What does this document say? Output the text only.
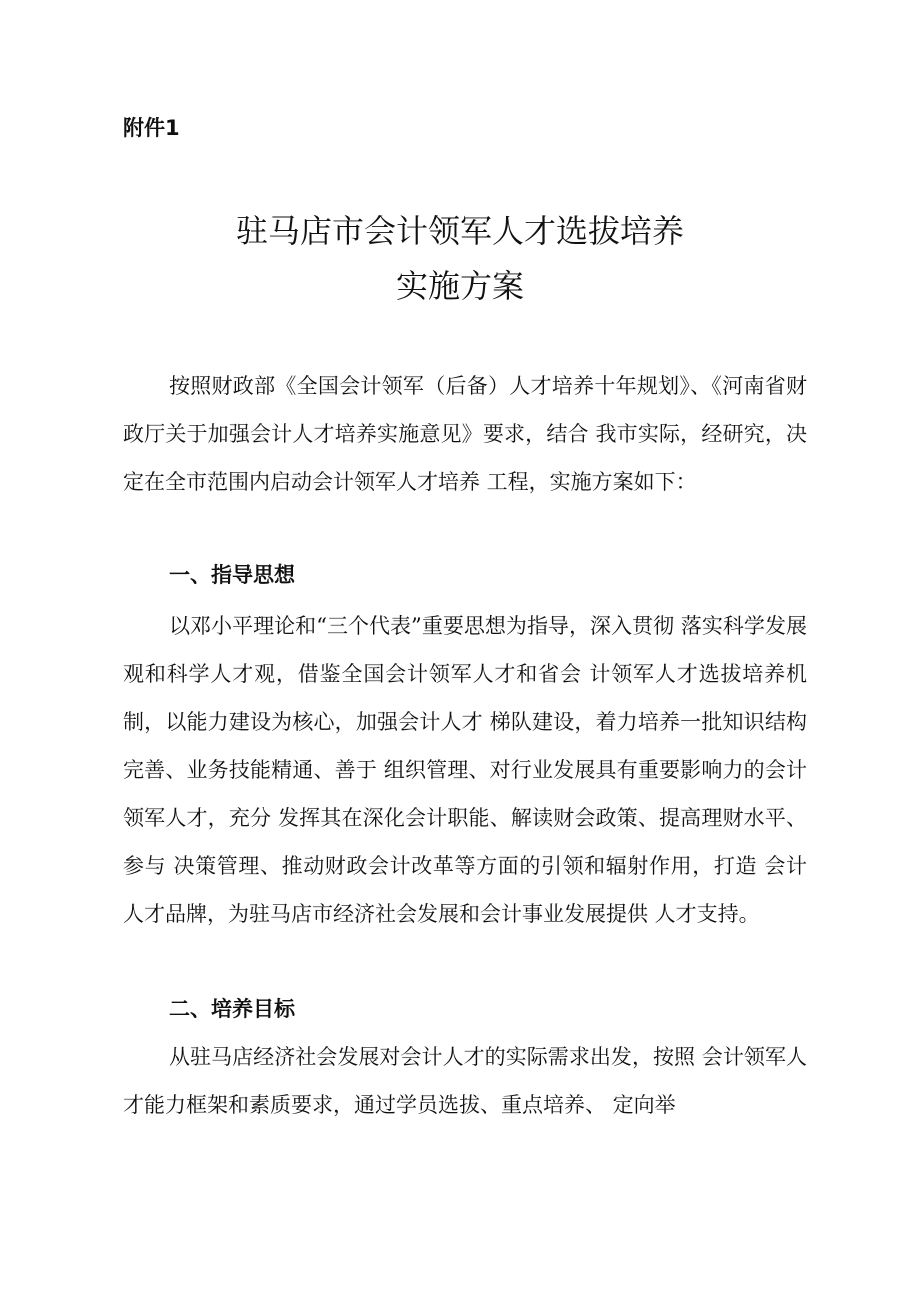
附件1
驻马店市会计领军人才选拔培养
实施方案
按照财政部《全国会计领军（后备）人才培养十年规划》、《河南省财政厅关于加强会计人才培养实施意见》要求，结合 我市实际，经研究，决定在全市范围内启动会计领军人才培养 工程，实施方案如下：
一、指导思想
以邓小平理论和“三个代表”重要思想为指导，深入贯彻 落实科学发展观和科学人才观，借鉴全国会计领军人才和省会 计领军人才选拔培养机制，以能力建设为核心，加强会计人才 梯队建设，着力培养一批知识结构完善、业务技能精通、善于 组织管理、对行业发展具有重要影响力的会计领军人才，充分 发挥其在深化会计职能、解读财会政策、提高理财水平、参与 决策管理、推动财政会计改革等方面的引领和辐射作用，打造 会计人才品牌，为驻马店市经济社会发展和会计事业发展提供 人才支持。
二、培养目标
从驻马店经济社会发展对会计人才的实际需求出发，按照 会计领军人才能力框架和素质要求，通过学员选拔、重点培养、 定向举
